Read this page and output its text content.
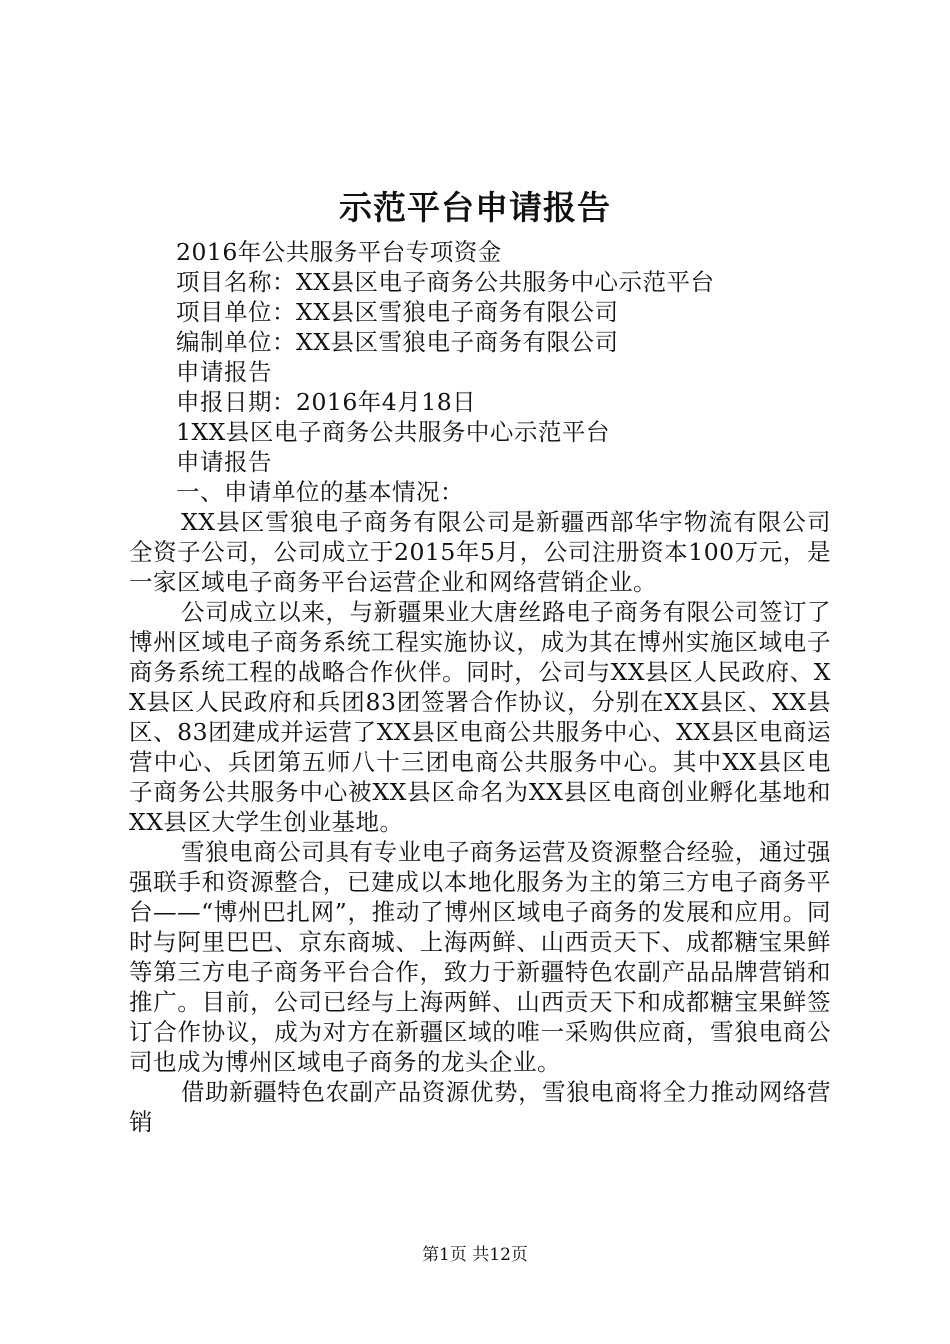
示范平台申请报告

2016年公共服务平台专项资金

项目名称：XX县区电子商务公共服务中心示范平台

项目单位：XX县区雪狼电子商务有限公司

编制单位：XX县区雪狼电子商务有限公司

申请报告

申报日期：2016年4月18日

1XX县区电子商务公共服务中心示范平台

申请报告

一、申请单位的基本情况：

XX县区雪狼电子商务有限公司是新疆西部华宇物流有限公司全资子公司，公司成立于2015年5月，公司注册资本100万元，是一家区域电子商务平台运营企业和网络营销企业。

公司成立以来，与新疆果业大唐丝路电子商务有限公司签订了博州区域电子商务系统工程实施协议，成为其在博州实施区域电子商务系统工程的战略合作伙伴。同时，公司与XX县区人民政府、XX县区人民政府和兵团83团签署合作协议，分别在XX县区、XX县区、83团建成并运营了XX县区电商公共服务中心、XX县区电商运营中心、兵团第五师八十三团电商公共服务中心。其中XX县区电子商务公共服务中心被XX县区命名为XX县区电商创业孵化基地和XX县区大学生创业基地。

雪狼电商公司具有专业电子商务运营及资源整合经验，通过强强联手和资源整合，已建成以本地化服务为主的第三方电子商务平台——“博州巴扎网”，推动了博州区域电子商务的发展和应用。同时与阿里巴巴、京东商城、上海两鲜、山西贡天下、成都糖宝果鲜等第三方电子商务平台合作，致力于新疆特色农副产品品牌营销和推广。目前，公司已经与上海两鲜、山西贡天下和成都糖宝果鲜签订合作协议，成为对方在新疆区域的唯一采购供应商，雪狼电商公司也成为博州区域电子商务的龙头企业。

借助新疆特色农副产品资源优势，雪狼电商将全力推动网络营销

第1页 共12页
